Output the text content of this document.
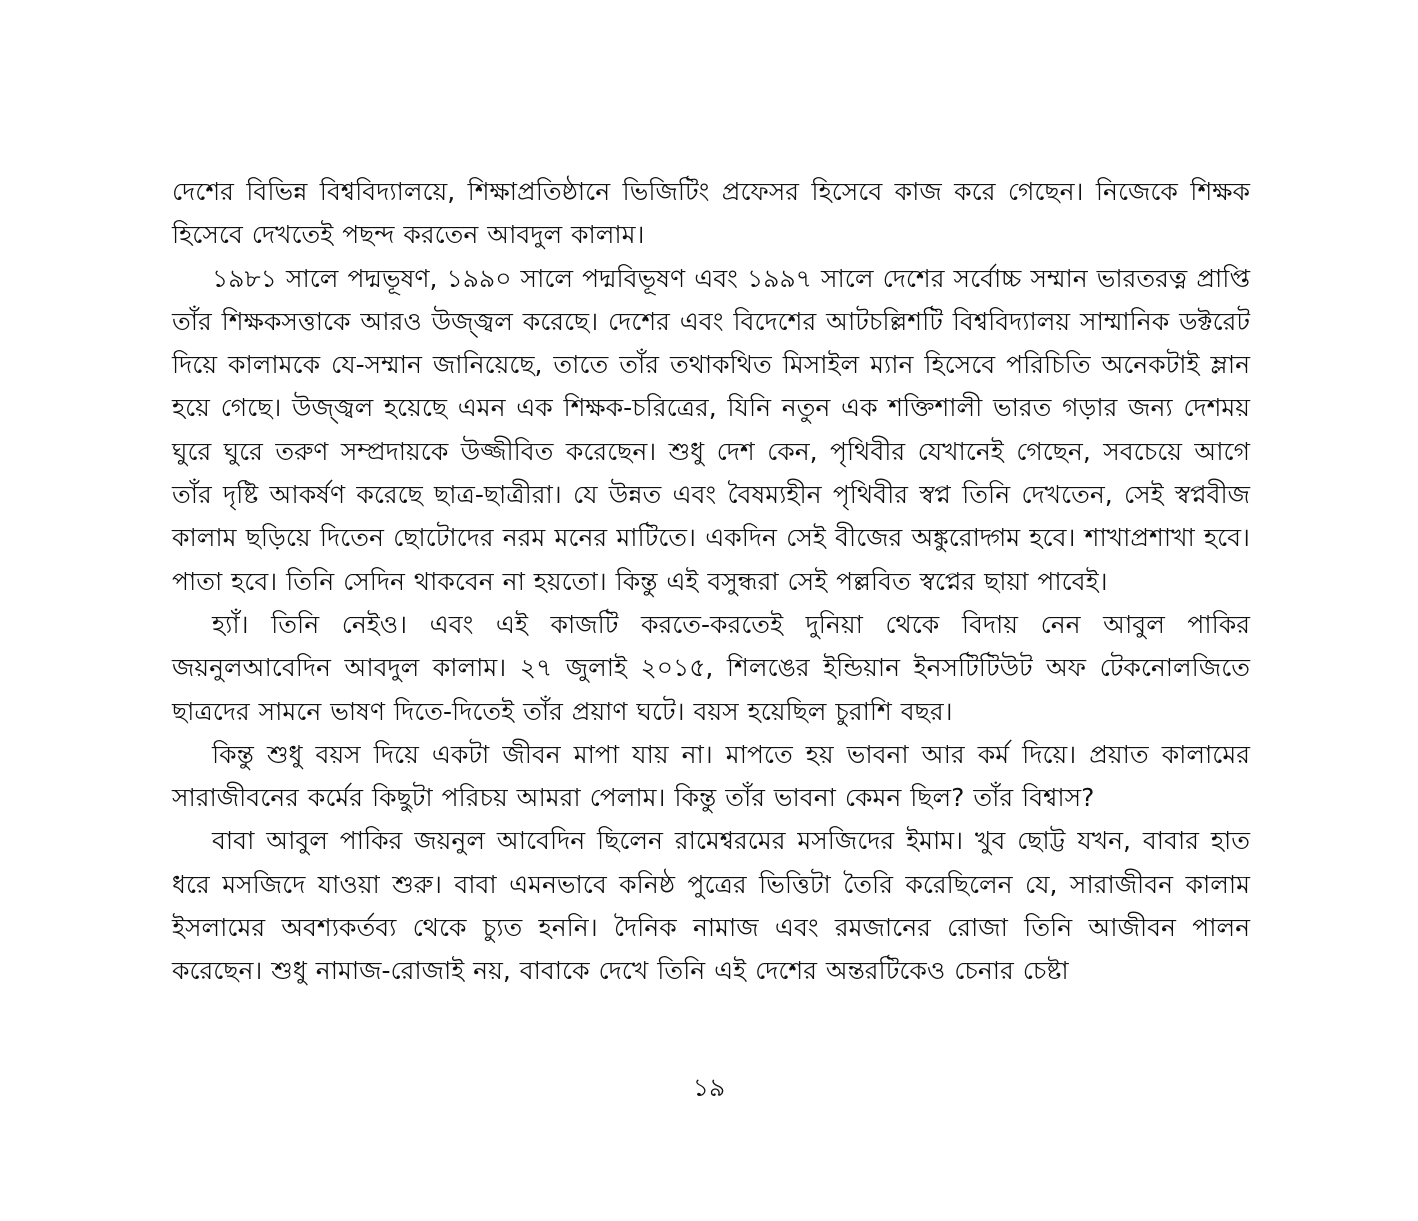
দেশের বিভিন্ন বিশ্ববিদ্যালয়ে, শিক্ষাপ্রতিষ্ঠানে ভিজিটিং প্রফেসর হিসেবে কাজ করে গেছেন। নিজেকে শিক্ষক হিসেবে দেখতেই পছন্দ করতেন আবদুল কালাম।

১৯৮১ সালে পদ্মভূষণ, ১৯৯০ সালে পদ্মবিভূষণ এবং ১৯৯৭ সালে দেশের সর্বোচ্চ সম্মান ভারতরত্ন প্রাপ্তি তাঁর শিক্ষকসত্তাকে আরও উজ্জ্বল করেছে। দেশের এবং বিদেশের আটচল্লিশটি বিশ্ববিদ্যালয় সাম্মানিক ডক্টরেট দিয়ে কালামকে যে-সম্মান জানিয়েছে, তাতে তাঁর তথাকথিত মিসাইল ম্যান হিসেবে পরিচিতি অনেকটাই ম্লান হয়ে গেছে। উজ্জ্বল হয়েছে এমন এক শিক্ষক-চরিত্রের, যিনি নতুন এক শক্তিশালী ভারত গড়ার জন্য দেশময় ঘুরে ঘুরে তরুণ সম্প্রদায়কে উজ্জীবিত করেছেন। শুধু দেশ কেন, পৃথিবীর যেখানেই গেছেন, সবচেয়ে আগে তাঁর দৃষ্টি আকর্ষণ করেছে ছাত্র-ছাত্রীরা। যে উন্নত এবং বৈষম্যহীন পৃথিবীর স্বপ্ন তিনি দেখতেন, সেই স্বপ্নবীজ কালাম ছড়িয়ে দিতেন ছোটোদের নরম মনের মাটিতে। একদিন সেই বীজের অঙ্কুরোদ্গম হবে। শাখাপ্রশাখা হবে। পাতা হবে। তিনি সেদিন থাকবেন না হয়তো। কিন্তু এই বসুন্ধরা সেই পল্লবিত স্বপ্নের ছায়া পাবেই।

হ্যাঁ। তিনি নেইও। এবং এই কাজটি করতে-করতেই দুনিয়া থেকে বিদায় নেন আবুল পাকির জয়নুলআবেদিন আবদুল কালাম। ২৭ জুলাই ২০১৫, শিলঙের ইন্ডিয়ান ইনসটিটিউট অফ টেকনোলজিতে ছাত্রদের সামনে ভাষণ দিতে-দিতেই তাঁর প্রয়াণ ঘটে। বয়স হয়েছিল চুরাশি বছর।

কিন্তু শুধু বয়স দিয়ে একটা জীবন মাপা যায় না। মাপতে হয় ভাবনা আর কর্ম দিয়ে। প্রয়াত কালামের সারাজীবনের কর্মের কিছুটা পরিচয় আমরা পেলাম। কিন্তু তাঁর ভাবনা কেমন ছিল? তাঁর বিশ্বাস?

বাবা আবুল পাকির জয়নুল আবেদিন ছিলেন রামেশ্বরমের মসজিদের ইমাম। খুব ছোট্ট যখন, বাবার হাত ধরে মসজিদে যাওয়া শুরু। বাবা এমনভাবে কনিষ্ঠ পুত্রের ভিত্তিটা তৈরি করেছিলেন যে, সারাজীবন কালাম ইসলামের অবশ্যকর্তব্য থেকে চ্যুত হননি। দৈনিক নামাজ এবং রমজানের রোজা তিনি আজীবন পালন করেছেন। শুধু নামাজ-রোজাই নয়, বাবাকে দেখে তিনি এই দেশের অন্তরটিকেও চেনার চেষ্টা

১৯
